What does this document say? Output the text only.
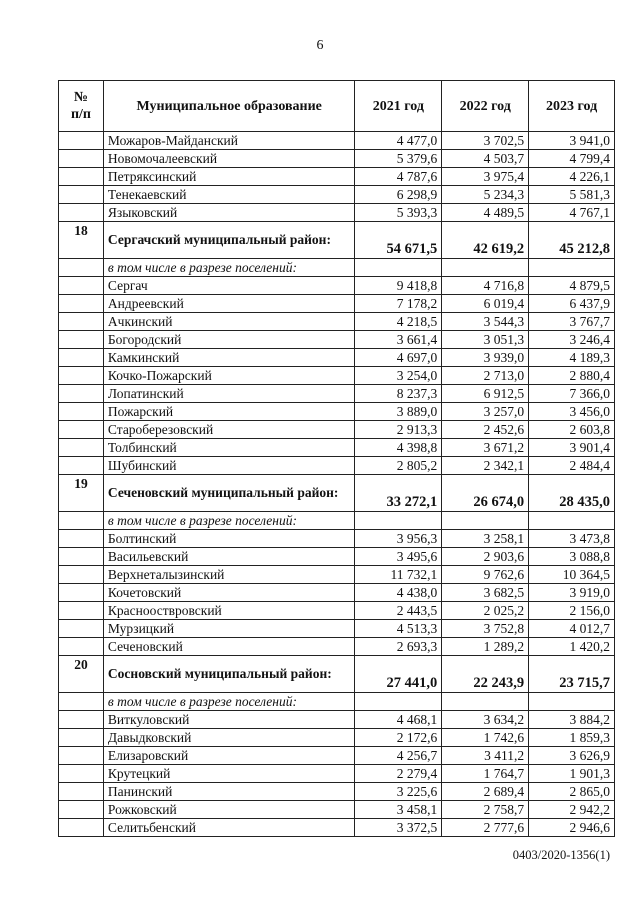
6
№
п/п	Муниципальное образование	2021 год	2022 год	2023 год
	Можаров-Майданский	4 477,0	3 702,5	3 941,0
	Новомочалеевский	5 379,6	4 503,7	4 799,4
	Петряксинский	4 787,6	3 975,4	4 226,1
	Тенекаевский	6 298,9	5 234,3	5 581,3
	Языковский	5 393,3	4 489,5	4 767,1
18	Сергачский муниципальный район:	54 671,5	42 619,2	45 212,8
	в том числе в разрезе поселений:			
	Сергач	9 418,8	4 716,8	4 879,5
	Андреевский	7 178,2	6 019,4	6 437,9
	Ачкинский	4 218,5	3 544,3	3 767,7
	Богородский	3 661,4	3 051,3	3 246,4
	Камкинский	4 697,0	3 939,0	4 189,3
	Кочко-Пожарский	3 254,0	2 713,0	2 880,4
	Лопатинский	8 237,3	6 912,5	7 366,0
	Пожарский	3 889,0	3 257,0	3 456,0
	Староберезовский	2 913,3	2 452,6	2 603,8
	Толбинский	4 398,8	3 671,2	3 901,4
	Шубинский	2 805,2	2 342,1	2 484,4
19	Сеченовский муниципальный район:	33 272,1	26 674,0	28 435,0
	в том числе в разрезе поселений:			
	Болтинский	3 956,3	3 258,1	3 473,8
	Васильевский	3 495,6	2 903,6	3 088,8
	Верхнеталызинский	11 732,1	9 762,6	10 364,5
	Кочетовский	4 438,0	3 682,5	3 919,0
	Краснооствровский	2 443,5	2 025,2	2 156,0
	Мурзицкий	4 513,3	3 752,8	4 012,7
	Сеченовский	2 693,3	1 289,2	1 420,2
20	Сосновский муниципальный район:	27 441,0	22 243,9	23 715,7
	в том числе в разрезе поселений:			
	Виткуловский	4 468,1	3 634,2	3 884,2
	Давыдковский	2 172,6	1 742,6	1 859,3
	Елизаровский	4 256,7	3 411,2	3 626,9
	Крутецкий	2 279,4	1 764,7	1 901,3
	Панинский	3 225,6	2 689,4	2 865,0
	Рожковский	3 458,1	2 758,7	2 942,2
	Селитьбенский	3 372,5	2 777,6	2 946,6
0403/2020-1356(1)
